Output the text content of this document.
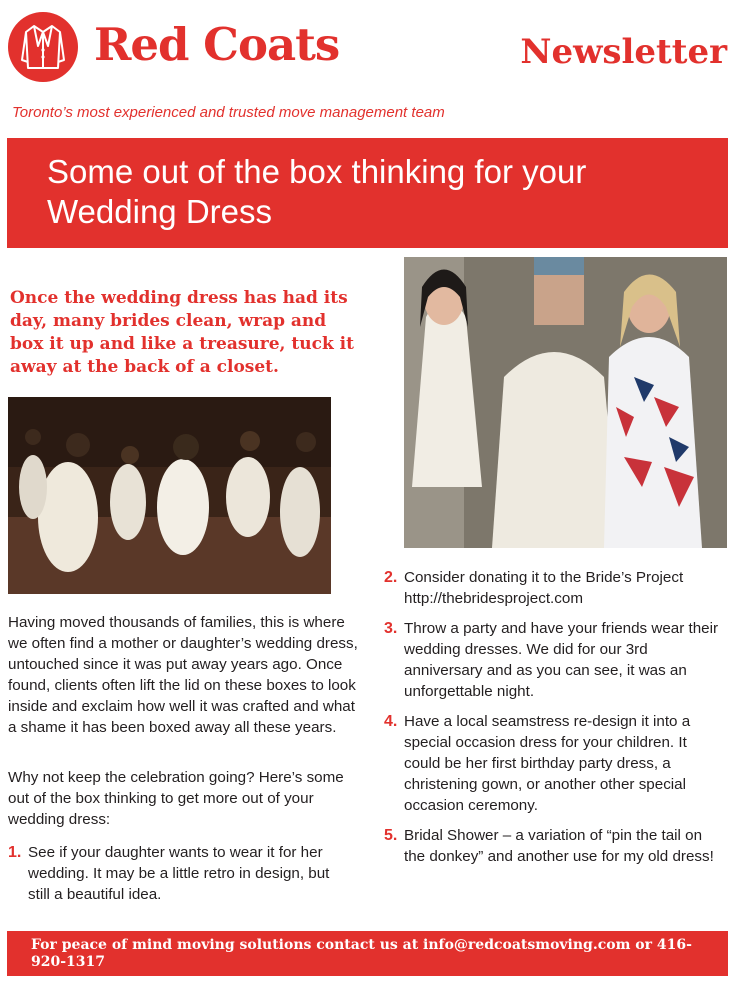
Red Coats	Newsletter
Toronto’s most experienced and trusted move management team
Some out of the box thinking for your Wedding Dress
Once the wedding dress has had its day, many brides clean, wrap and box it up and like a treasure, tuck it away at the back of a closet.
Having moved thousands of families, this is where we often find a mother or daughter’s wedding dress, untouched since it was put away years ago. Once found, clients often lift the lid on these boxes to look inside and exclaim how well it was crafted and what a shame it has been boxed away all these years.
Why not keep the celebration going? Here’s some out of the box thinking to get more out of your wedding dress:
1. See if your daughter wants to wear it for her wedding. It may be a little retro in design, but still a beautiful idea.
2. Consider donating it to the Bride’s Project http://thebridesproject.com
3. Throw a party and have your friends wear their wedding dresses. We did for our 3rd anniversary and as you can see, it was an unforgettable night.
4. Have a local seamstress re-design it into a special occasion dress for your children. It could be her first birthday party dress, a christening gown, or another other special occasion ceremony.
5. Bridal Shower – a variation of “pin the tail on the donkey” and another use for my old dress!
For peace of mind moving solutions contact us at info@redcoatsmoving.com or 416-920-1317
